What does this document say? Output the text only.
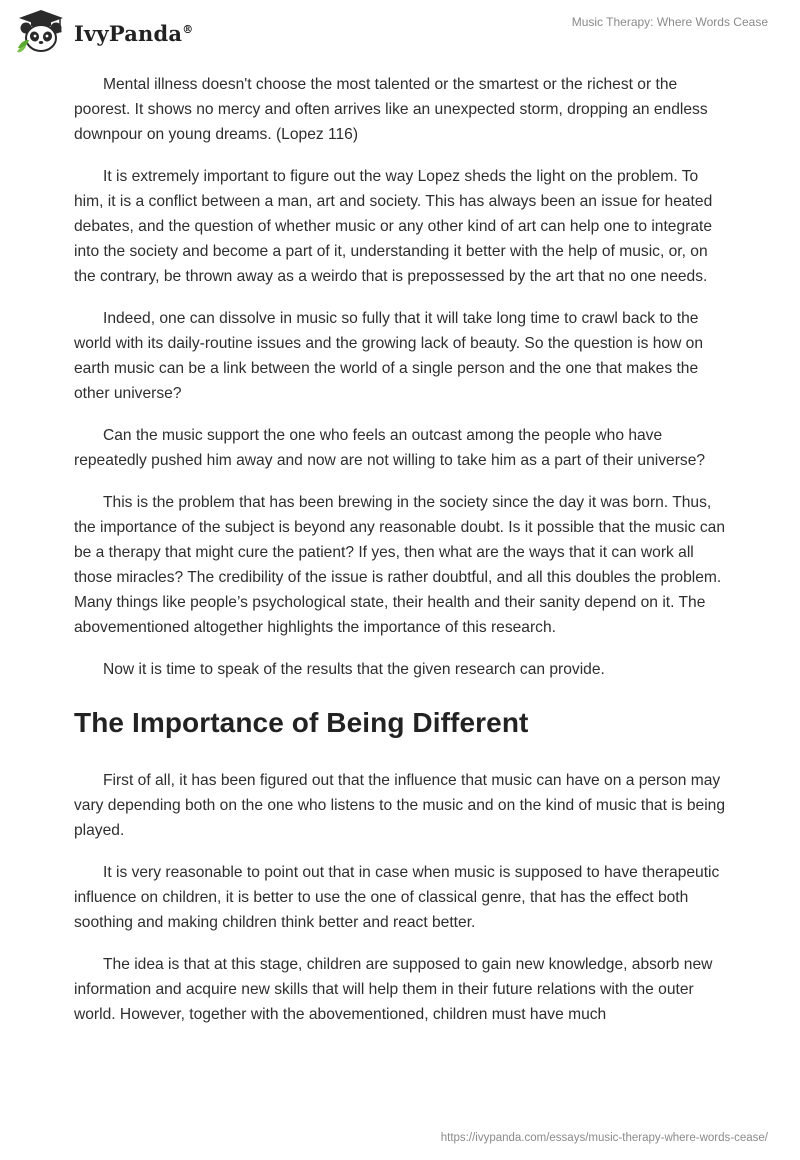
IvyPanda®	Music Therapy: Where Words Cease

Mental illness doesn't choose the most talented or the smartest or the richest or the poorest. It shows no mercy and often arrives like an unexpected storm, dropping an endless downpour on young dreams. (Lopez 116)

It is extremely important to figure out the way Lopez sheds the light on the problem. To him, it is a conflict between a man, art and society. This has always been an issue for heated debates, and the question of whether music or any other kind of art can help one to integrate into the society and become a part of it, understanding it better with the help of music, or, on the contrary, be thrown away as a weirdo that is prepossessed by the art that no one needs.

Indeed, one can dissolve in music so fully that it will take long time to crawl back to the world with its daily-routine issues and the growing lack of beauty. So the question is how on earth music can be a link between the world of a single person and the one that makes the other universe?

Can the music support the one who feels an outcast among the people who have repeatedly pushed him away and now are not willing to take him as a part of their universe?

This is the problem that has been brewing in the society since the day it was born. Thus, the importance of the subject is beyond any reasonable doubt. Is it possible that the music can be a therapy that might cure the patient? If yes, then what are the ways that it can work all those miracles? The credibility of the issue is rather doubtful, and all this doubles the problem. Many things like people’s psychological state, their health and their sanity depend on it. The abovementioned altogether highlights the importance of this research.

Now it is time to speak of the results that the given research can provide.

The Importance of Being Different

First of all, it has been figured out that the influence that music can have on a person may vary depending both on the one who listens to the music and on the kind of music that is being played.

It is very reasonable to point out that in case when music is supposed to have therapeutic influence on children, it is better to use the one of classical genre, that has the effect both soothing and making children think better and react better.

The idea is that at this stage, children are supposed to gain new knowledge, absorb new information and acquire new skills that will help them in their future relations with the outer world. However, together with the abovementioned, children must have much

https://ivypanda.com/essays/music-therapy-where-words-cease/
